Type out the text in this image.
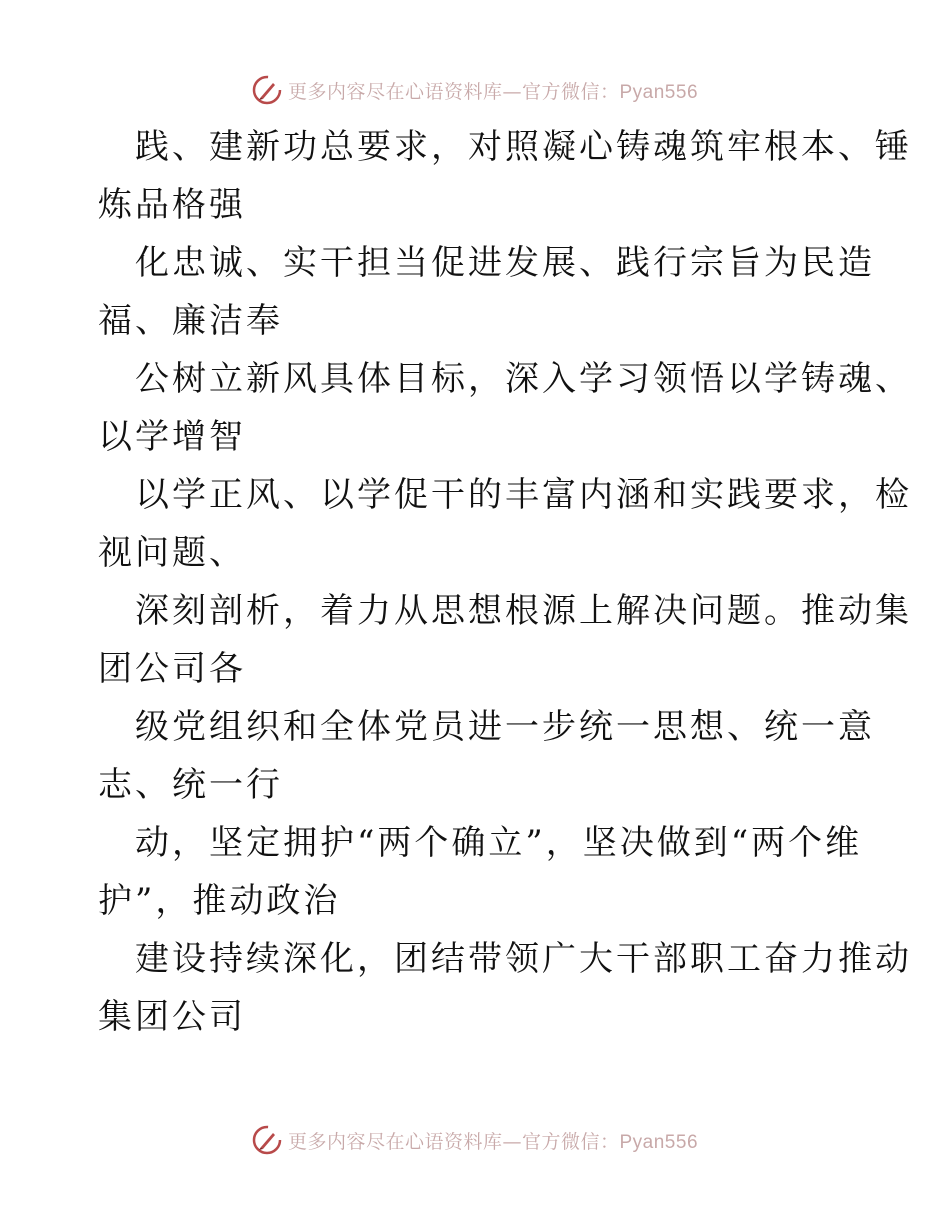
更多内容尽在心语资料库—官方微信：Pyan556

践、建新功总要求，对照凝心铸魂筑牢根本、锤
炼品格强

化忠诚、实干担当促进发展、践行宗旨为民造
福、廉洁奉

公树立新风具体目标，深入学习领悟以学铸魂、
以学增智

以学正风、以学促干的丰富内涵和实践要求，检
视问题、

深刻剖析，着力从思想根源上解决问题。推动集
团公司各

级党组织和全体党员进一步统一思想、统一意
志、统一行

动，坚定拥护“两个确立”，坚决做到“两个维
护”，推动政治

建设持续深化，团结带领广大干部职工奋力推动
集团公司

更多内容尽在心语资料库—官方微信：Pyan556
